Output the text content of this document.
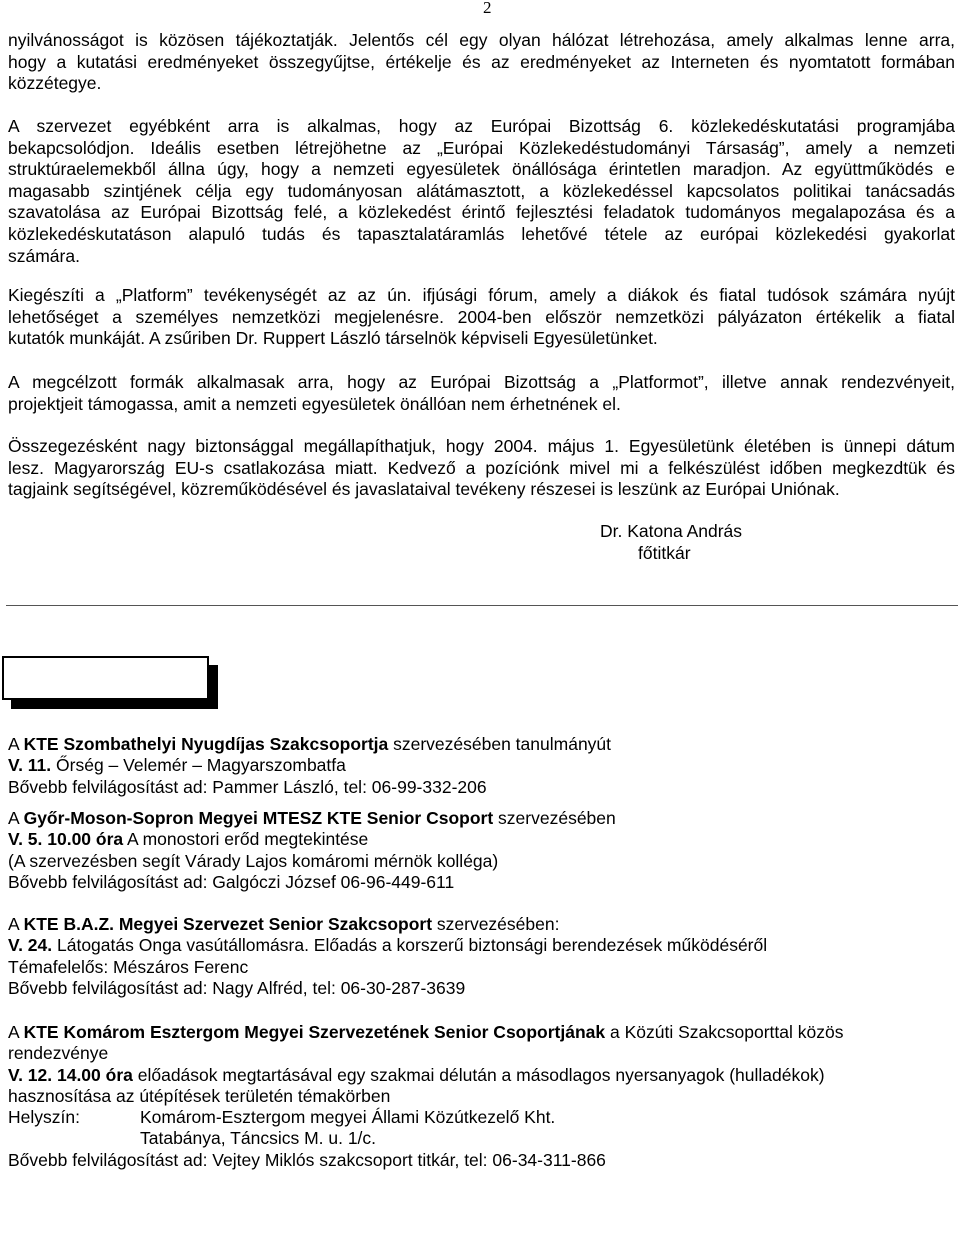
2
nyilvánosságot is közösen tájékoztatják. Jelentős cél egy olyan hálózat létrehozása, amely alkalmas lenne arra,
hogy a kutatási eredményeket összegyűjtse, értékelje és az eredményeket az Interneten és nyomtatott formában
közzétegye.
A szervezet egyébként arra is alkalmas, hogy az Európai Bizottság 6. közlekedéskutatási programjába
bekapcsolódjon. Ideális esetben létrejöhetne az „Európai Közlekedéstudományi Társaság”, amely a nemzeti
struktúraelemekből állna úgy, hogy a nemzeti egyesületek önállósága érintetlen maradjon. Az együttműködés e
magasabb szintjének célja egy tudományosan alátámasztott, a közlekedéssel kapcsolatos politikai tanácsadás
szavatolása az Európai Bizottság felé, a közlekedést érintő fejlesztési feladatok tudományos megalapozása és a
közlekedéskutatáson alapuló tudás és tapasztalatáramlás lehetővé tétele az európai közlekedési gyakorlat
számára.
Kiegészíti a „Platform” tevékenységét az az ún. ifjúsági fórum, amely a diákok és fiatal tudósok számára nyújt
lehetőséget a személyes nemzetközi megjelenésre. 2004-ben először nemzetközi pályázaton értékelik a fiatal
kutatók munkáját. A zsűriben Dr. Ruppert László társelnök képviseli Egyesületünket.
A megcélzott formák alkalmasak arra, hogy az Európai Bizottság a „Platformot”, illetve annak rendezvényeit,
projektjeit támogassa, amit a nemzeti egyesületek önállóan nem érhetnének el.
Összegezésként nagy biztonsággal megállapíthatjuk, hogy 2004. május 1. Egyesületünk életében is ünnepi dátum
lesz. Magyarország EU-s csatlakozása miatt. Kedvező a pozíciónk mivel mi a felkészülést időben megkezdtük és
tagjaink segítségével, közreműködésével és javaslataival tevékeny részesei is leszünk az Európai Uniónak.
Dr. Katona András
főtitkár
A KTE Szombathelyi Nyugdíjas Szakcsoportja szervezésében tanulmányút
V. 11. Őrség – Velemér – Magyarszombatfa
Bővebb felvilágosítást ad: Pammer László, tel: 06-99-332-206
A Győr-Moson-Sopron Megyei MTESZ KTE Senior Csoport szervezésében
V. 5. 10.00 óra A monostori erőd megtekintése
(A szervezésben segít Várady Lajos komáromi mérnök kollégа)
Bővebb felvilágosítást ad: Galgóczi József 06-96-449-611
A KTE B.A.Z. Megyei Szervezet Senior Szakcsoport szervezésében:
V. 24. Látogatás Onga vasútállomásra. Előadás a korszerű biztonsági berendezések működéséről
Témafelelős: Mészáros Ferenc
Bővebb felvilágosítást ad: Nagy Alfréd, tel: 06-30-287-3639
A KTE Komárom Esztergom Megyei Szervezetének Senior Csoportjának a Közúti Szakcsoporttal közös
rendezvénye
V. 12. 14.00 óra előadások megtartásával egy szakmai délután a másodlagos nyersanyagok (hulladékok)
hasznosítása az útépítések területén témakörben
Helyszín:	Komárom-Esztergom megyei Állami Közútkezelő Kht.
Tatabánya, Táncsics M. u. 1/c.
Bővebb felvilágosítást ad: Vejtey Miklós szakcsoport titkár, tel: 06-34-311-866
